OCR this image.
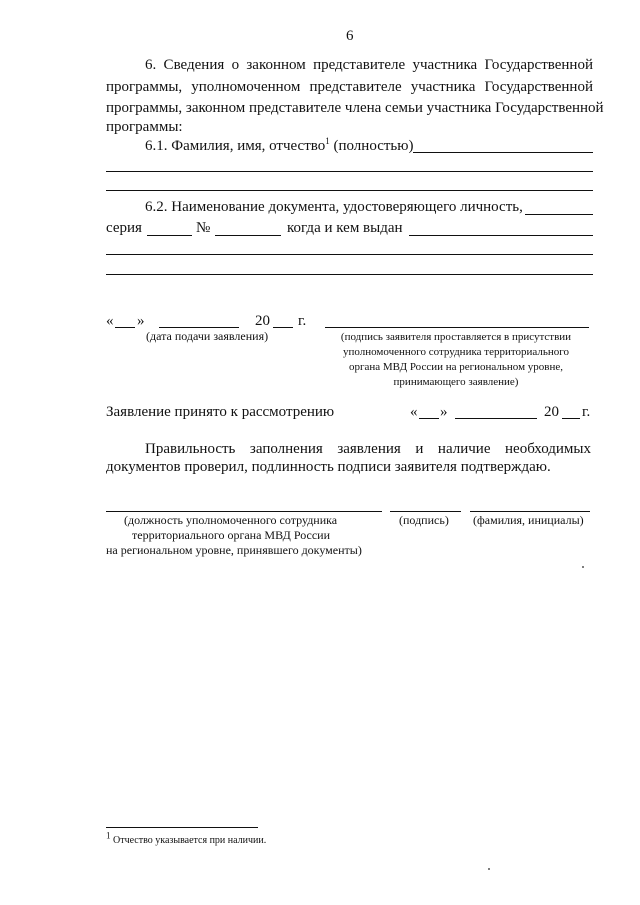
6
6. Сведения о законном представителе участника Государственной
программы, уполномоченном представителе участника Государственной
программы, законном представителе члена семьи участника Государственной
программы:
6.1. Фамилия, имя, отчество$^1$ (полностью)
6.2. Наименование документа, удостоверяющего личность,
серия	№	когда и кем выдан
« »	20 г.
(дата подачи заявления)	(подпись заявителя проставляется в присутствии
уполномоченного сотрудника территориального
органа МВД России на региональном уровне,
принимающего заявление)
Заявление принято к рассмотрению	« »	20 г.
Правильность заполнения заявления и наличие необходимых
документов проверил, подлинность подписи заявителя подтверждаю.
(должность уполномоченного сотрудника
территориального органа МВД России
на региональном уровне, принявшего документы)
(подпись) (фамилия, инициалы)
$^1$ Отчество указывается при наличии.
